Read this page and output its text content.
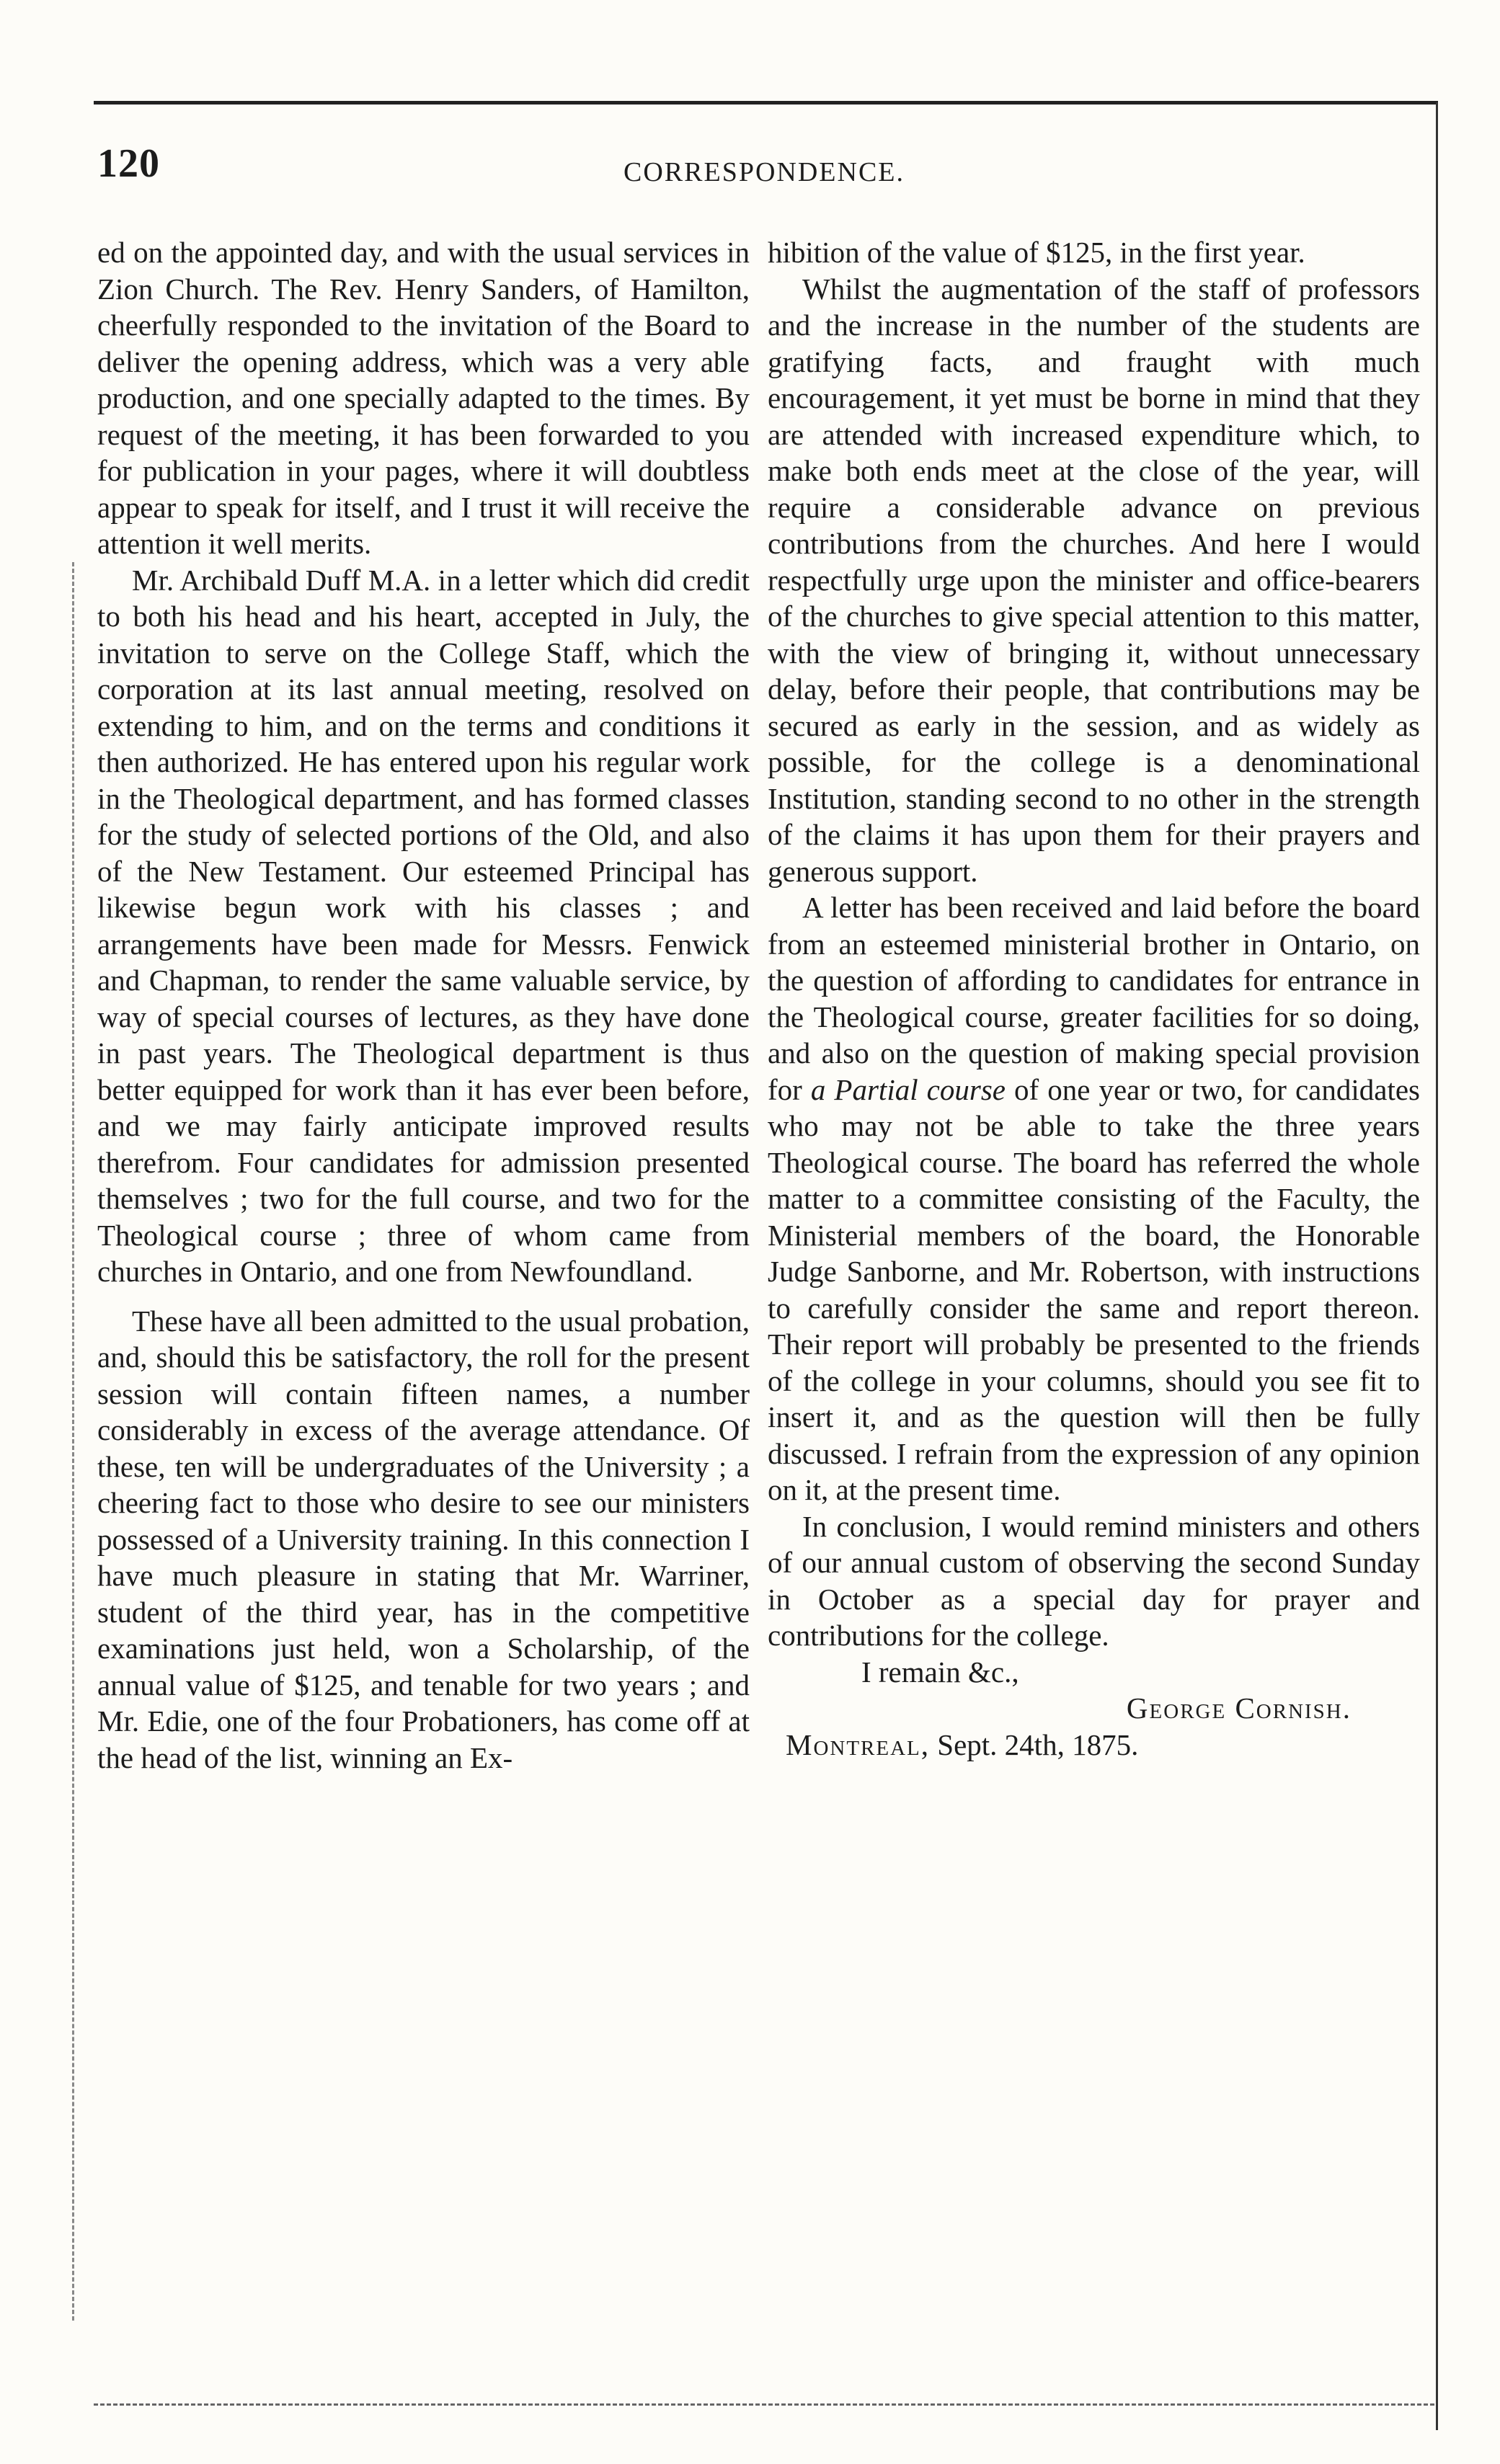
120	CORRESPONDENCE.

ed on the appointed day, and with the usual services in Zion Church. The Rev. Henry Sanders, of Hamilton, cheerfully responded to the invitation of the Board to deliver the opening address, which was a very able production, and one specially adapted to the times. By request of the meeting, it has been forwarded to you for publication in your pages, where it will doubtless appear to speak for itself, and I trust it will receive the attention it well merits.

Mr. Archibald Duff M.A. in a letter which did credit to both his head and his heart, accepted in July, the invitation to serve on the College Staff, which the corporation at its last annual meeting, resolved on extending to him, and on the terms and conditions it then authorized. He has entered upon his regular work in the Theological department, and has formed classes for the study of selected portions of the Old, and also of the New Testament. Our esteemed Principal has likewise begun work with his classes ; and arrangements have been made for Messrs. Fenwick and Chapman, to render the same valuable service, by way of special courses of lectures, as they have done in past years. The Theological department is thus better equipped for work than it has ever been before, and we may fairly anticipate improved results therefrom. Four candidates for admission presented themselves ; two for the full course, and two for the Theological course ; three of whom came from churches in Ontario, and one from Newfoundland.

These have all been admitted to the usual probation, and, should this be satisfactory, the roll for the present session will contain fifteen names, a number considerably in excess of the average attendance. Of these, ten will be undergraduates of the University ; a cheering fact to those who desire to see our ministers possessed of a University training. In this connection I have much pleasure in stating that Mr. Warriner, student of the third year, has in the competitive examinations just held, won a Scholarship, of the annual value of $125, and tenable for two years ; and Mr. Edie, one of the four Probationers, has come off at the head of the list, winning an Ex-

hibition of the value of $125, in the first year.

Whilst the augmentation of the staff of professors and the increase in the number of the students are gratifying facts, and fraught with much encouragement, it yet must be borne in mind that they are attended with increased expenditure which, to make both ends meet at the close of the year, will require a considerable advance on previous contributions from the churches. And here I would respectfully urge upon the minister and office-bearers of the churches to give special attention to this matter, with the view of bringing it, without unnecessary delay, before their people, that contributions may be secured as early in the session, and as widely as possible, for the college is a denominational Institution, standing second to no other in the strength of the claims it has upon them for their prayers and generous support.

A letter has been received and laid before the board from an esteemed ministerial brother in Ontario, on the question of affording to candidates for entrance in the Theological course, greater facilities for so doing, and also on the question of making special provision for a Partial course of one year or two, for candidates who may not be able to take the three years Theological course. The board has referred the whole matter to a committee consisting of the Faculty, the Ministerial members of the board, the Honorable Judge Sanborne, and Mr. Robertson, with instructions to carefully consider the same and report thereon. Their report will probably be presented to the friends of the college in your columns, should you see fit to insert it, and as the question will then be fully discussed. I refrain from the expression of any opinion on it, at the present time.

In conclusion, I would remind ministers and others of our annual custom of observing the second Sunday in October as a special day for prayer and contributions for the college.

I remain &c.,

George Cornish.

Montreal, Sept. 24th, 1875.
